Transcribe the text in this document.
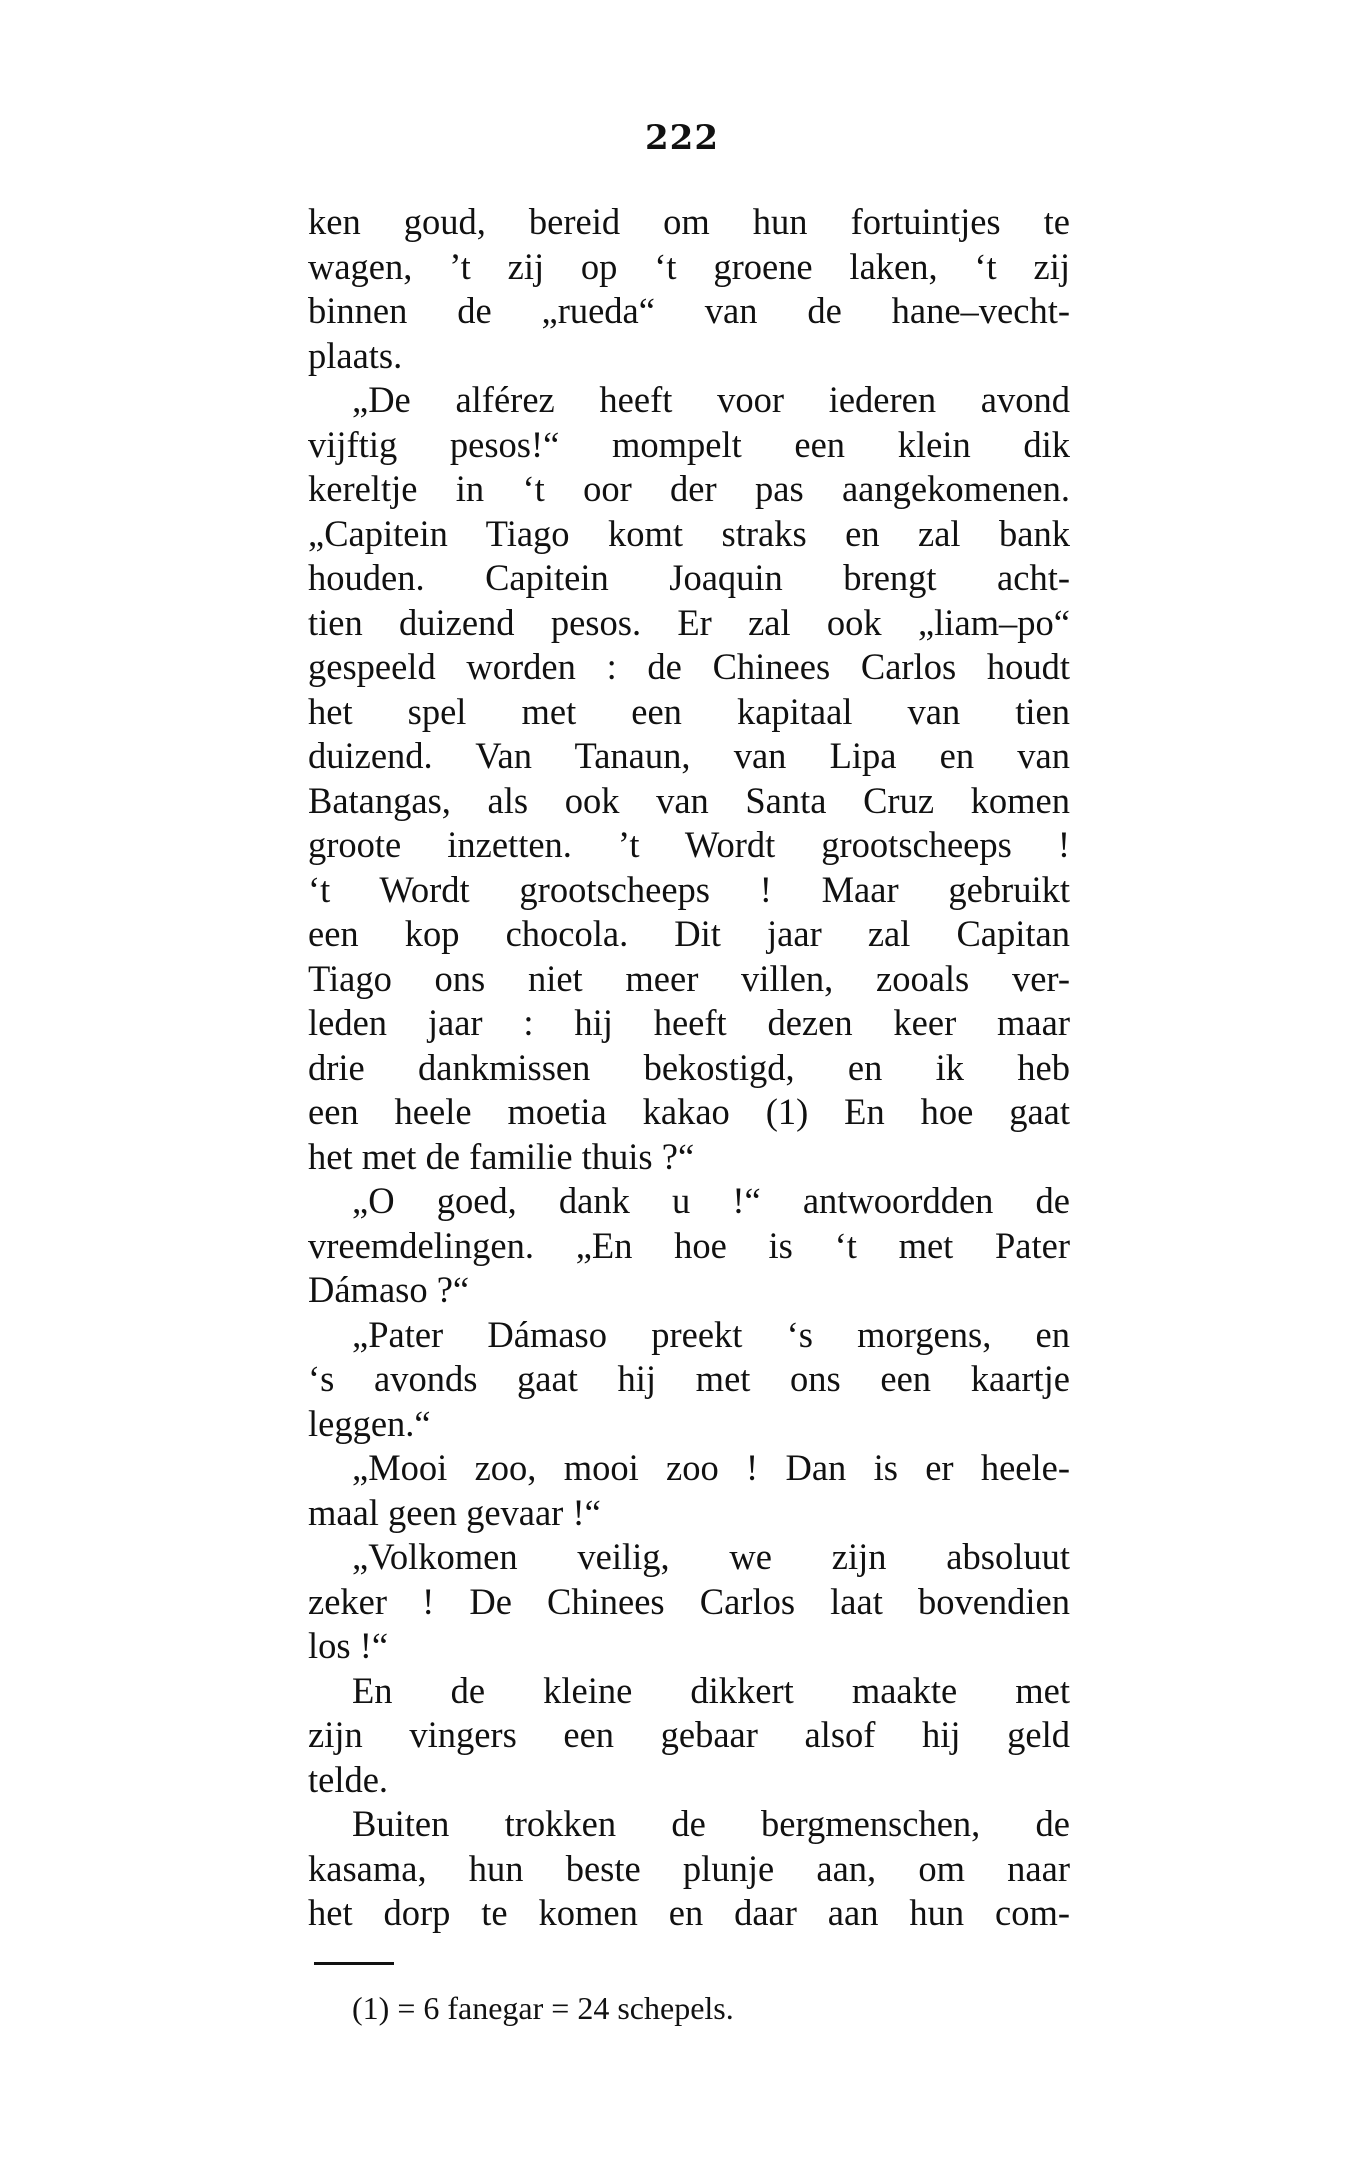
222
ken goud, bereid om hun fortuintjes te
wagen, ’t zij op ‘t groene laken, ‘t zij
binnen de „rueda“ van de hane–vecht-
plaats.
„De alférez heeft voor iederen avond
vijftig pesos!“ mompelt een klein dik
kereltje in ‘t oor der pas aangekomenen.
„Capitein Tiago komt straks en zal bank
houden. Capitein Joaquin brengt acht-
tien duizend pesos. Er zal ook „liam–po“
gespeeld worden : de Chinees Carlos houdt
het spel met een kapitaal van tien
duizend. Van Tanaun, van Lipa en van
Batangas, als ook van Santa Cruz komen
groote inzetten. ’t Wordt grootscheeps !
‘t Wordt grootscheeps ! Maar gebruikt
een kop chocola. Dit jaar zal Capitan
Tiago ons niet meer villen, zooals ver-
leden jaar : hij heeft dezen keer maar
drie dankmissen bekostigd, en ik heb
een heele moetia kakao (1) En hoe gaat
het met de familie thuis ?“
„O goed, dank u !“ antwoordden de
vreemdelingen. „En hoe is ‘t met Pater
Dámaso ?“
„Pater Dámaso preekt ‘s morgens, en
‘s avonds gaat hij met ons een kaartje
leggen.“
„Mooi zoo, mooi zoo ! Dan is er heele-
maal geen gevaar !“
„Volkomen veilig, we zijn absoluut
zeker ! De Chinees Carlos laat bovendien
los !“
En de kleine dikkert maakte met
zijn vingers een gebaar alsof hij geld
telde.
Buiten trokken de bergmenschen, de
kasama, hun beste plunje aan, om naar
het dorp te komen en daar aan hun com-
(1) = 6 fanegar = 24 schepels.
